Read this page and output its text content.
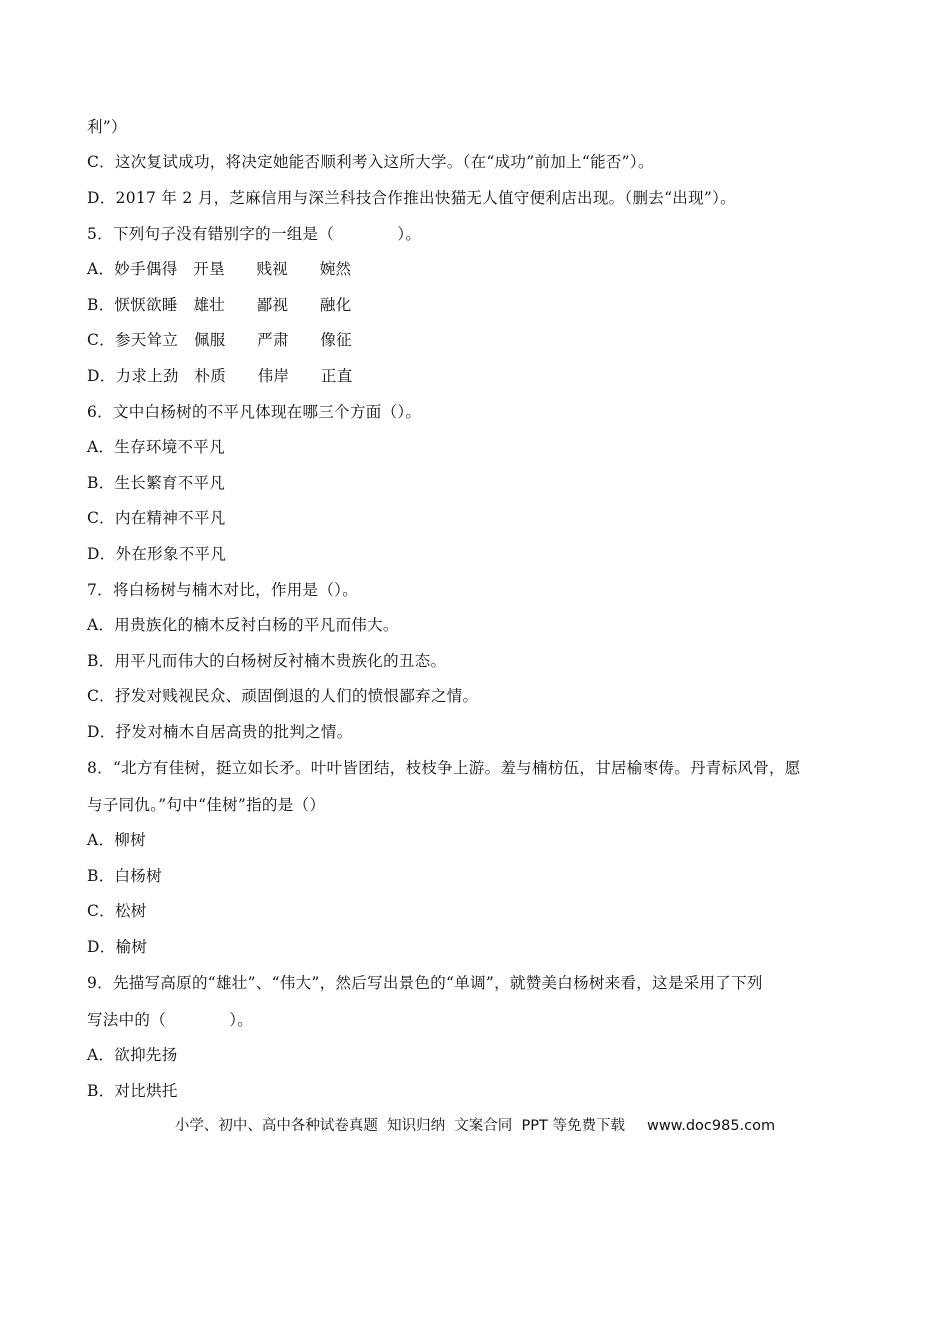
利”）
C．这次复试成功，将决定她能否顺利考入这所大学。（在“成功”前加上“能否”）。
D．2017 年 2 月，芝麻信用与深兰科技合作推出快猫无人值守便利店出现。（删去“出现”）。
5．下列句子没有错别字的一组是（　　　　）。
A．妙手偶得　开垦　　贱视　　婉然
B．恹恹欲睡　雄壮　　鄙视　　融化
C．参天耸立　佩服　　严肃　　像征
D．力求上劲　朴质　　伟岸　　正直
6．文中白杨树的不平凡体现在哪三个方面（）。
A．生存环境不平凡
B．生长繁育不平凡
C．内在精神不平凡
D．外在形象不平凡
7．将白杨树与楠木对比，作用是（）。
A．用贵族化的楠木反衬白杨的平凡而伟大。
B．用平凡而伟大的白杨树反衬楠木贵族化的丑态。
C．抒发对贱视民众、顽固倒退的人们的愤恨鄙弃之情。
D．抒发对楠木自居高贵的批判之情。
8．“北方有佳树，挺立如长矛。叶叶皆团结，枝枝争上游。羞与楠枋伍，甘居榆枣俦。丹青标风骨，愿
与子同仇。”句中“佳树”指的是（）
A．柳树
B．白杨树
C．松树
D．榆树
9．先描写高原的“雄壮”、“伟大”，然后写出景色的“单调”，就赞美白杨树来看，这是采用了下列
写法中的（　　　　）。
A．欲抑先扬
B．对比烘托
小学、初中、高中各种试卷真题  知识归纳  文案合同  PPT 等免费下载 www.doc985.com
